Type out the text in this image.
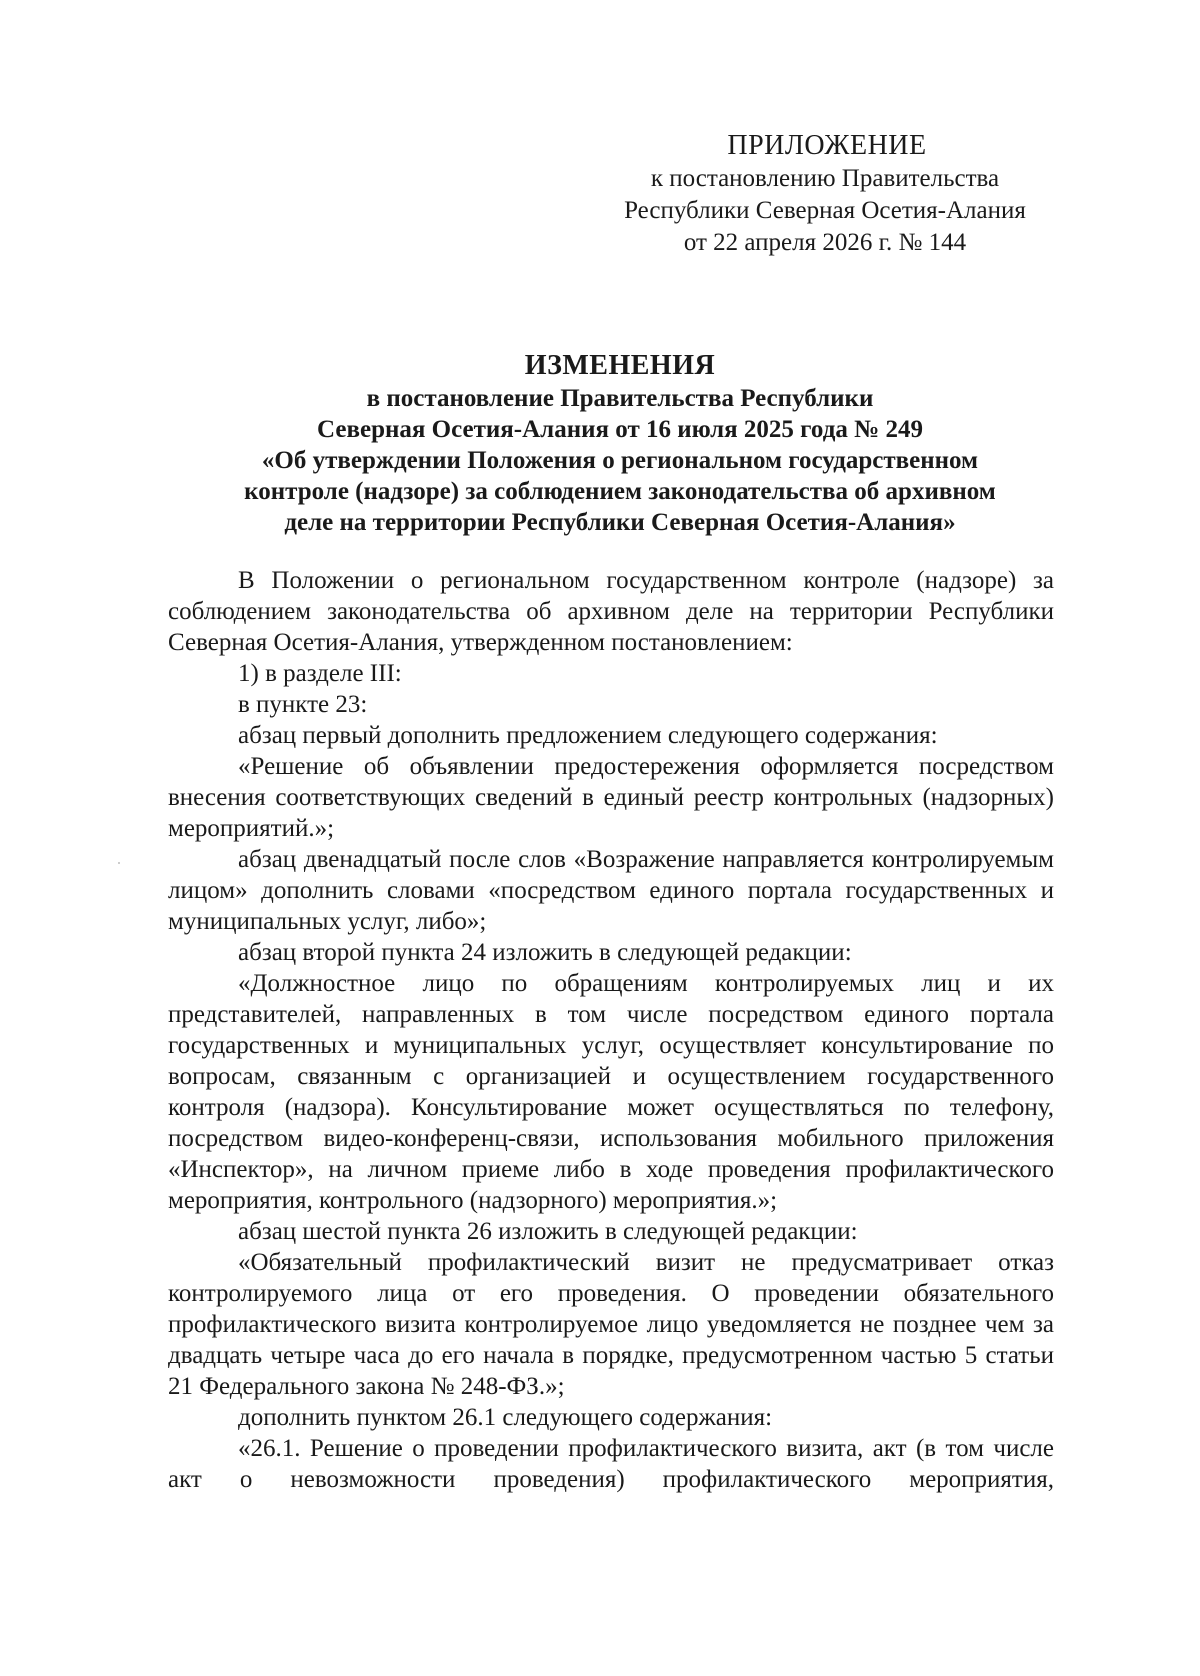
ПРИЛОЖЕНИЕ
к постановлению Правительства
Республики Северная Осетия-Алания
от 22 апреля 2026 г. № 144
ИЗМЕНЕНИЯ
в постановление Правительства Республики
Северная Осетия-Алания от 16 июля 2025 года № 249
«Об утверждении Положения о региональном государственном
контроле (надзоре) за соблюдением законодательства об архивном
деле на территории Республики Северная Осетия-Алания»

В Положении о региональном государственном контроле (надзоре) за соблюдением законодательства об архивном деле на территории Республики Северная Осетия-Алания, утвержденном постановлением:

1) в разделе III:

в пункте 23:

абзац первый дополнить предложением следующего содержания:

«Решение об объявлении предостережения оформляется посредством внесения соответствующих сведений в единый реестр контрольных (надзорных) мероприятий.»;

абзац двенадцатый после слов «Возражение направляется контролируемым лицом» дополнить словами «посредством единого портала государственных и муниципальных услуг, либо»;

абзац второй пункта 24 изложить в следующей редакции:

«Должностное лицо по обращениям контролируемых лиц и их представителей, направленных в том числе посредством единого портала государственных и муниципальных услуг, осуществляет консультирование по вопросам, связанным с организацией и осуществлением государственного контроля (надзора). Консультирование может осуществляться по телефону, посредством видео-конференц-связи, использования мобильного приложения «Инспектор», на личном приеме либо в ходе проведения профилактического мероприятия, контрольного (надзорного) мероприятия.»;

абзац шестой пункта 26 изложить в следующей редакции:

«Обязательный профилактический визит не предусматривает отказ контролируемого лица от его проведения. О проведении обязательного профилактического визита контролируемое лицо уведомляется не позднее чем за двадцать четыре часа до его начала в порядке, предусмотренном частью 5 статьи 21 Федерального закона № 248-ФЗ.»;

дополнить пунктом 26.1 следующего содержания:

«26.1. Решение о проведении профилактического визита, акт (в том числе акт о невозможности проведения) профилактического мероприятия,
